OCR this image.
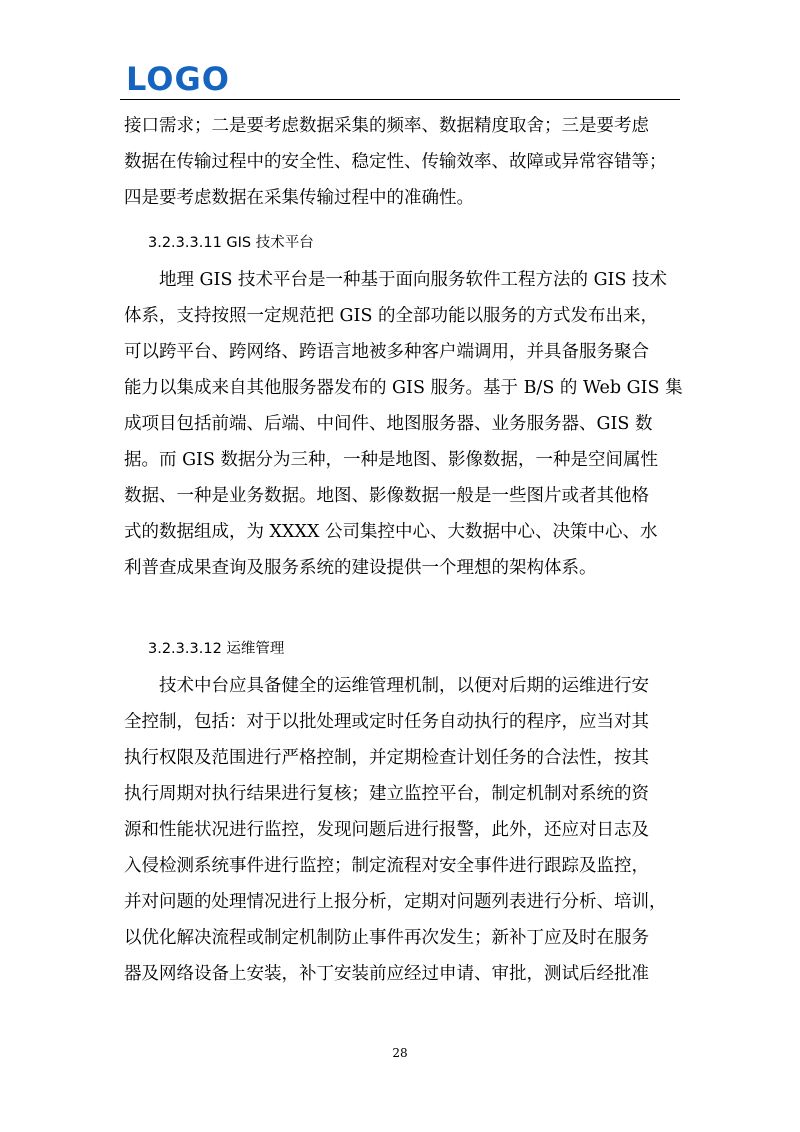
LOGO
接口需求；二是要考虑数据采集的频率、数据精度取舍；三是要考虑
数据在传输过程中的安全性、稳定性、传输效率、故障或异常容错等；
四是要考虑数据在采集传输过程中的准确性。
3.2.3.3.11 GIS 技术平台
　　地理 GIS 技术平台是一种基于面向服务软件工程方法的 GIS 技术
体系，支持按照一定规范把 GIS 的全部功能以服务的方式发布出来，
可以跨平台、跨网络、跨语言地被多种客户端调用，并具备服务聚合
能力以集成来自其他服务器发布的 GIS 服务。基于 B/S 的 Web GIS 集
成项目包括前端、后端、中间件、地图服务器、业务服务器、GIS 数
据。而 GIS 数据分为三种，一种是地图、影像数据，一种是空间属性
数据、一种是业务数据。地图、影像数据一般是一些图片或者其他格
式的数据组成，为 XXXX 公司集控中心、大数据中心、决策中心、水
利普查成果查询及服务系统的建设提供一个理想的架构体系。
3.2.3.3.12 运维管理
　　技术中台应具备健全的运维管理机制，以便对后期的运维进行安
全控制，包括：对于以批处理或定时任务自动执行的程序，应当对其
执行权限及范围进行严格控制，并定期检查计划任务的合法性，按其
执行周期对执行结果进行复核；建立监控平台，制定机制对系统的资
源和性能状况进行监控，发现问题后进行报警，此外，还应对日志及
入侵检测系统事件进行监控；制定流程对安全事件进行跟踪及监控，
并对问题的处理情况进行上报分析，定期对问题列表进行分析、培训，
以优化解决流程或制定机制防止事件再次发生；新补丁应及时在服务
器及网络设备上安装，补丁安装前应经过申请、审批，测试后经批准
28
